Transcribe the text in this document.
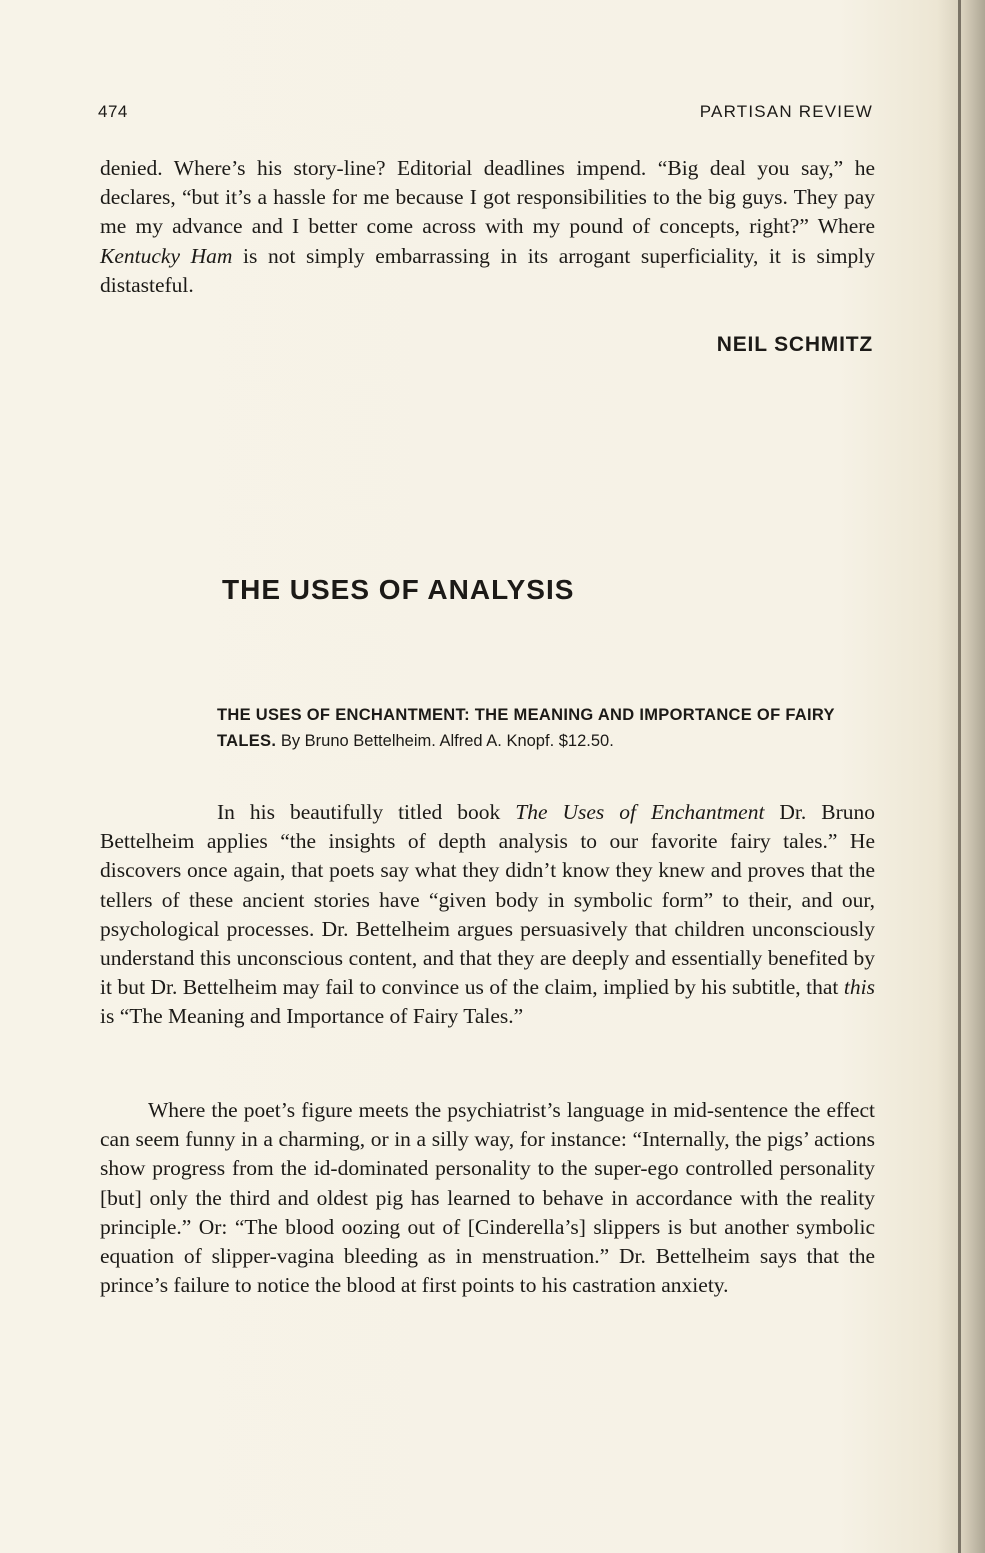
474	PARTISAN REVIEW

denied. Where’s his story-line? Editorial deadlines impend. “Big deal you say,” he declares, “but it’s a hassle for me because I got responsibilities to the big guys. They pay me my advance and I better come across with my pound of concepts, right?” Where Kentucky Ham is not simply embarrassing in its arrogant superficiality, it is simply distasteful.

NEIL SCHMITZ
THE USES OF ANALYSIS
THE USES OF ENCHANTMENT: THE MEANING AND IMPORTANCE OF FAIRY TALES. By Bruno Bettelheim. Alfred A. Knopf. $12.50.

In his beautifully titled book The Uses of Enchantment Dr. Bruno Bettelheim applies “the insights of depth analysis to our favorite fairy tales.” He discovers once again, that poets say what they didn’t know they knew and proves that the tellers of these ancient stories have “given body in symbolic form” to their, and our, psychological processes. Dr. Bettelheim argues persuasively that children unconsciously understand this unconscious content, and that they are deeply and essentially benefited by it but Dr. Bettelheim may fail to convince us of the claim, implied by his subtitle, that this is “The Meaning and Importance of Fairy Tales.”

Where the poet’s figure meets the psychiatrist’s language in mid-sentence the effect can seem funny in a charming, or in a silly way, for instance: “Internally, the pigs’ actions show progress from the id-dominated personality to the super-ego controlled personality [but] only the third and oldest pig has learned to behave in accordance with the reality principle.” Or: “The blood oozing out of [Cinderella’s] slippers is but another symbolic equation of slipper-vagina bleeding as in menstruation.” Dr. Bettelheim says that the prince’s failure to notice the blood at first points to his castration anxiety.
